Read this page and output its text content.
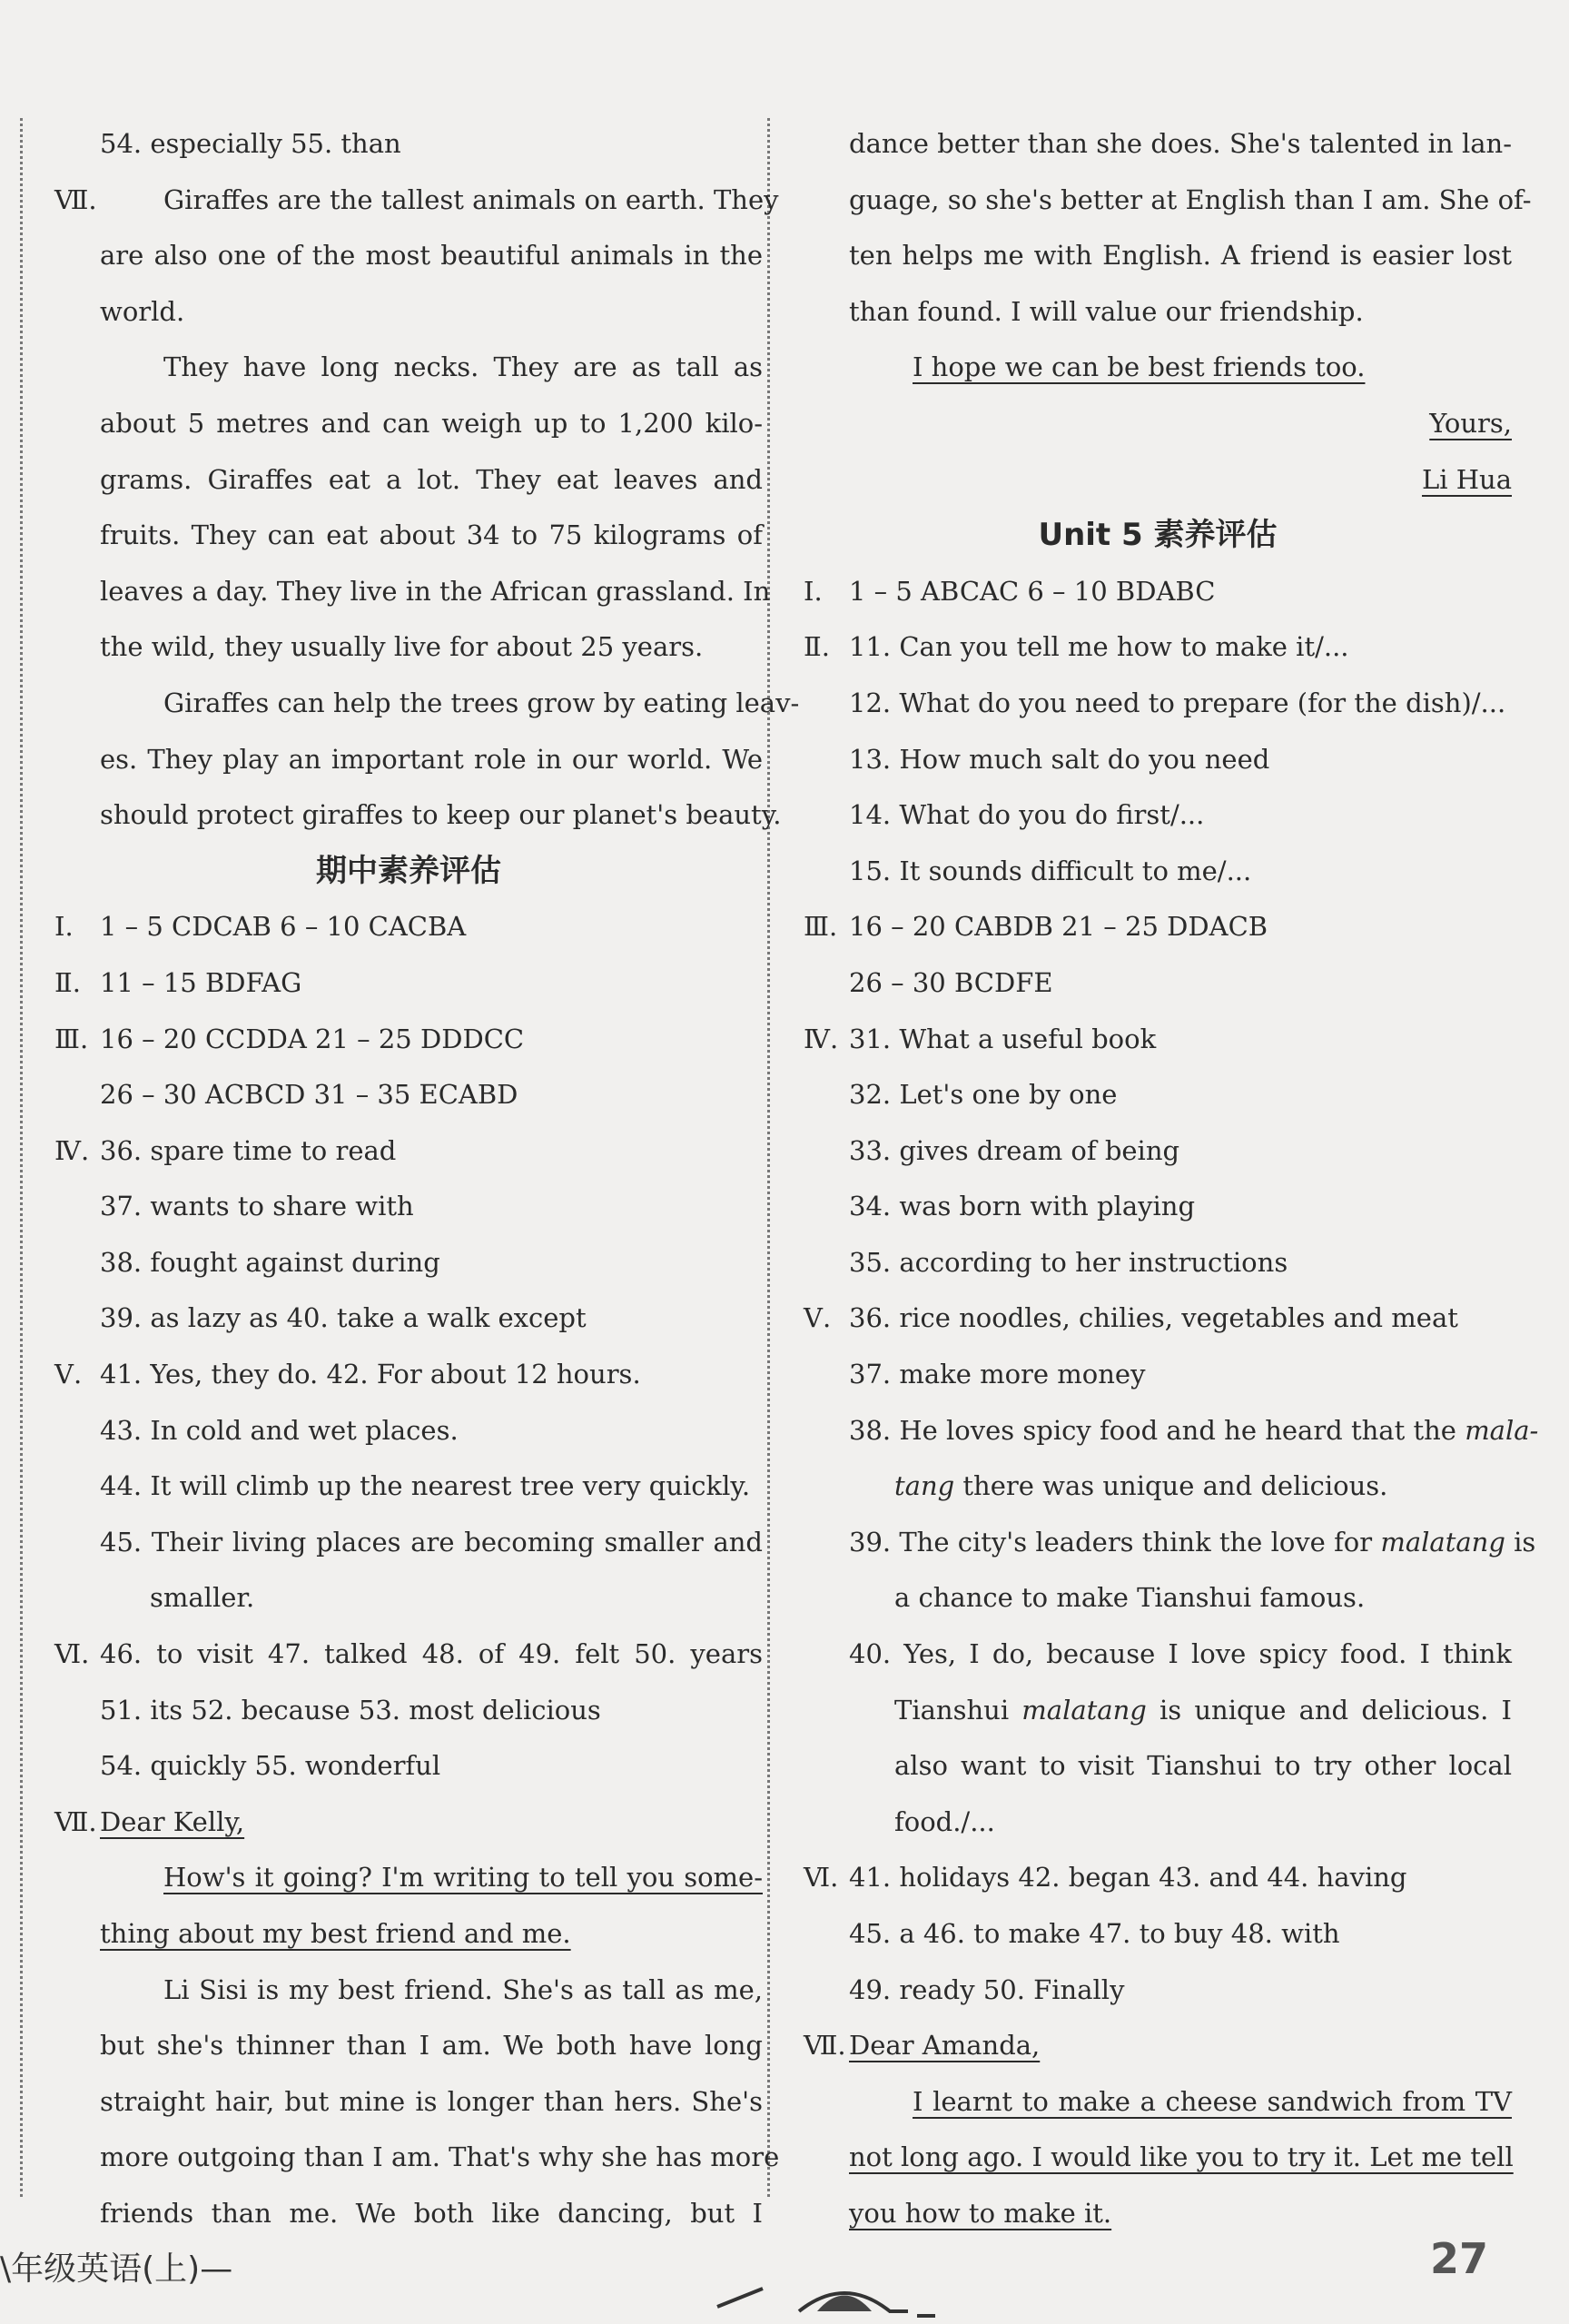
54. especially 55. than
Ⅶ.	Giraffes are the tallest animals on earth. They
are also one of the most beautiful animals in the
world.
They have long necks. They are as tall as
about 5 metres and can weigh up to 1,200 kilo-
grams. Giraffes eat a lot. They eat leaves and
fruits. They can eat about 34 to 75 kilograms of
leaves a day. They live in the African grassland. In
the wild, they usually live for about 25 years.
Giraffes can help the trees grow by eating leav-
es. They play an important role in our world. We
should protect giraffes to keep our planet's beauty.
期中素养评估
Ⅰ. 1 – 5 CDCAB 6 – 10 CACBA
Ⅱ. 11 – 15 BDFAG
Ⅲ. 16 – 20 CCDDA 21 – 25 DDDCC
26 – 30 ACBCD 31 – 35 ECABD
Ⅳ. 36. spare time to read
37. wants to share with
38. fought against during
39. as lazy as 40. take a walk except
Ⅴ. 41. Yes, they do. 42. For about 12 hours.
43. In cold and wet places.
44. It will climb up the nearest tree very quickly.
45. Their living places are becoming smaller and
smaller.
Ⅵ. 46. to visit 47. talked 48. of 49. felt 50. years
51. its 52. because 53. most delicious
54. quickly 55. wonderful
Ⅶ. Dear Kelly,
How's it going? I'm writing to tell you some-
thing about my best friend and me.
Li Sisi is my best friend. She's as tall as me,
but she's thinner than I am. We both have long
straight hair, but mine is longer than hers. She's
more outgoing than I am. That's why she has more
friends than me. We both like dancing, but I
dance better than she does. She's talented in lan-
guage, so she's better at English than I am. She of-
ten helps me with English. A friend is easier lost
than found. I will value our friendship.
I hope we can be best friends too.
Yours,
Li Hua
Unit 5 素养评估
Ⅰ. 1 – 5 ABCAC 6 – 10 BDABC
Ⅱ. 11. Can you tell me how to make it/...
12. What do you need to prepare (for the dish)/...
13. How much salt do you need
14. What do you do first/...
15. It sounds difficult to me/...
Ⅲ. 16 – 20 CABDB 21 – 25 DDACB
26 – 30 BCDFE
Ⅳ. 31. What a useful book
32. Let's one by one
33. gives dream of being
34. was born with playing
35. according to her instructions
Ⅴ. 36. rice noodles, chilies, vegetables and meat
37. make more money
38. He loves spicy food and he heard that the mala-
tang there was unique and delicious.
39. The city's leaders think the love for malatang is
a chance to make Tianshui famous.
40. Yes, I do, because I love spicy food. I think
Tianshui malatang is unique and delicious. I
also want to visit Tianshui to try other local
food./...
Ⅵ. 41. holidays 42. began 43. and 44. having
45. a 46. to make 47. to buy 48. with
49. ready 50. Finally
Ⅶ. Dear Amanda,
I learnt to make a cheese sandwich from TV
not long ago. I would like you to try it. Let me tell
you how to make it.
\年级英语(上)—	27
